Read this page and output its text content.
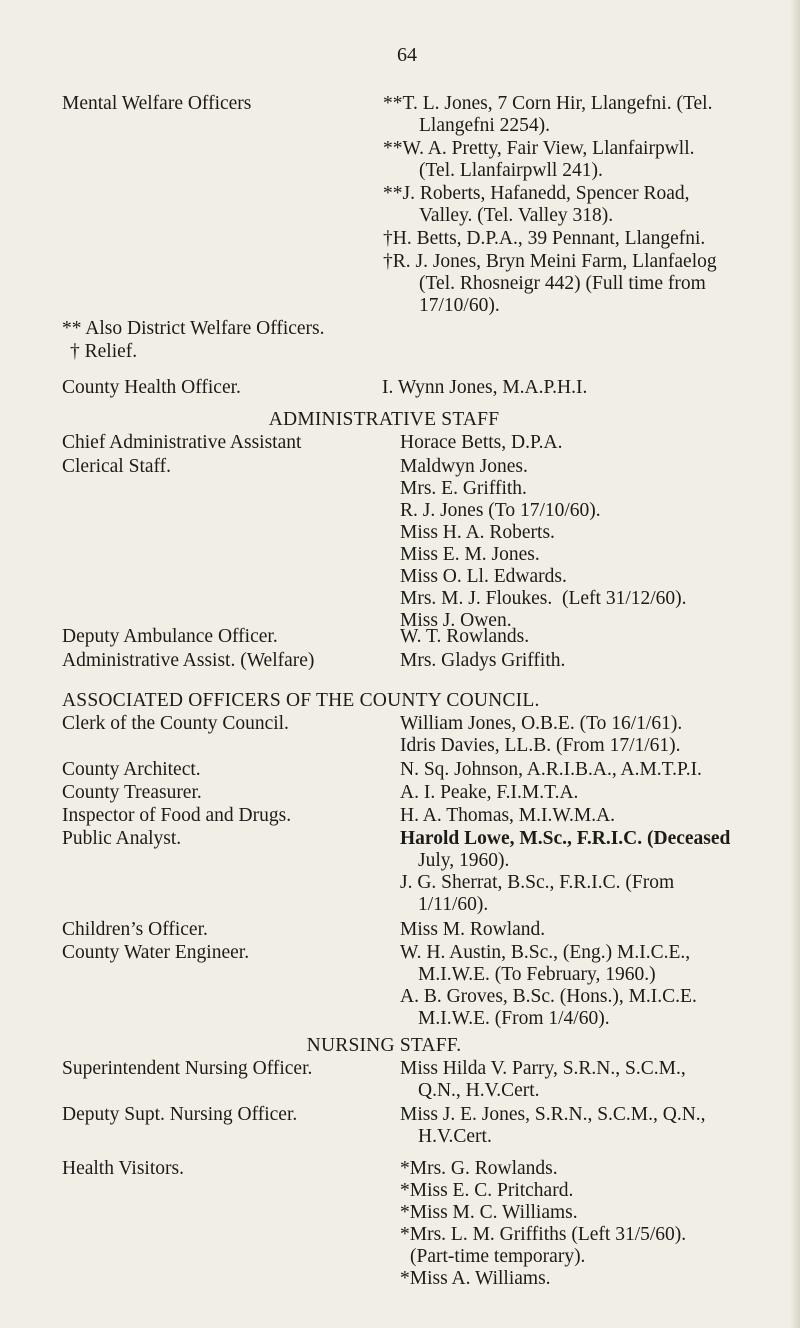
64
Mental Welfare Officers	**T. L. Jones, 7 Corn Hir, Llangefni. (Tel.
Llangefni 2254).
**W. A. Pretty, Fair View, Llanfairpwll.
(Tel. Llanfairpwll 241).
**J. Roberts, Hafanedd, Spencer Road,
Valley. (Tel. Valley 318).
†H. Betts, D.P.A., 39 Pennant, Llangefni.
†R. J. Jones, Bryn Meini Farm, Llanfaelog
(Tel. Rhosneigr 442) (Full time from
17/10/60).
** Also District Welfare Officers.
† Relief.
County Health Officer.	I. Wynn Jones, M.A.P.H.I.
ADMINISTRATIVE STAFF
Chief Administrative Assistant	Horace Betts, D.P.A.
Clerical Staff.	Maldwyn Jones.
Mrs. E. Griffith.
R. J. Jones (To 17/10/60).
Miss H. A. Roberts.
Miss E. M. Jones.
Miss O. Ll. Edwards.
Mrs. M. J. Floukes.  (Left 31/12/60).
Miss J. Owen.
Deputy Ambulance Officer.	W. T. Rowlands.
Administrative Assist. (Welfare)	Mrs. Gladys Griffith.
ASSOCIATED OFFICERS OF THE COUNTY COUNCIL.
Clerk of the County Council.	William Jones, O.B.E. (To 16/1/61).
Idris Davies, LL.B. (From 17/1/61).
County Architect.	N. Sq. Johnson, A.R.I.B.A., A.M.T.P.I.
County Treasurer.	A. I. Peake, F.I.M.T.A.
Inspector of Food and Drugs.	H. A. Thomas, M.I.W.M.A.
Public Analyst.	Harold Lowe, M.Sc., F.R.I.C. (Deceased
July, 1960).
J. G. Sherrat, B.Sc., F.R.I.C. (From
1/11/60).
Children’s Officer.	Miss M. Rowland.
County Water Engineer.	W. H. Austin, B.Sc., (Eng.) M.I.C.E.,
M.I.W.E. (To February, 1960.)
A. B. Groves, B.Sc. (Hons.), M.I.C.E.
M.I.W.E. (From 1/4/60).
NURSING STAFF.
Superintendent Nursing Officer.	Miss Hilda V. Parry, S.R.N., S.C.M.,
Q.N., H.V.Cert.
Deputy Supt. Nursing Officer.	Miss J. E. Jones, S.R.N., S.C.M., Q.N.,
H.V.Cert.
Health Visitors.	*Mrs. G. Rowlands.
*Miss E. C. Pritchard.
*Miss M. C. Williams.
*Mrs. L. M. Griffiths (Left 31/5/60).
(Part-time temporary).
*Miss A. Williams.
